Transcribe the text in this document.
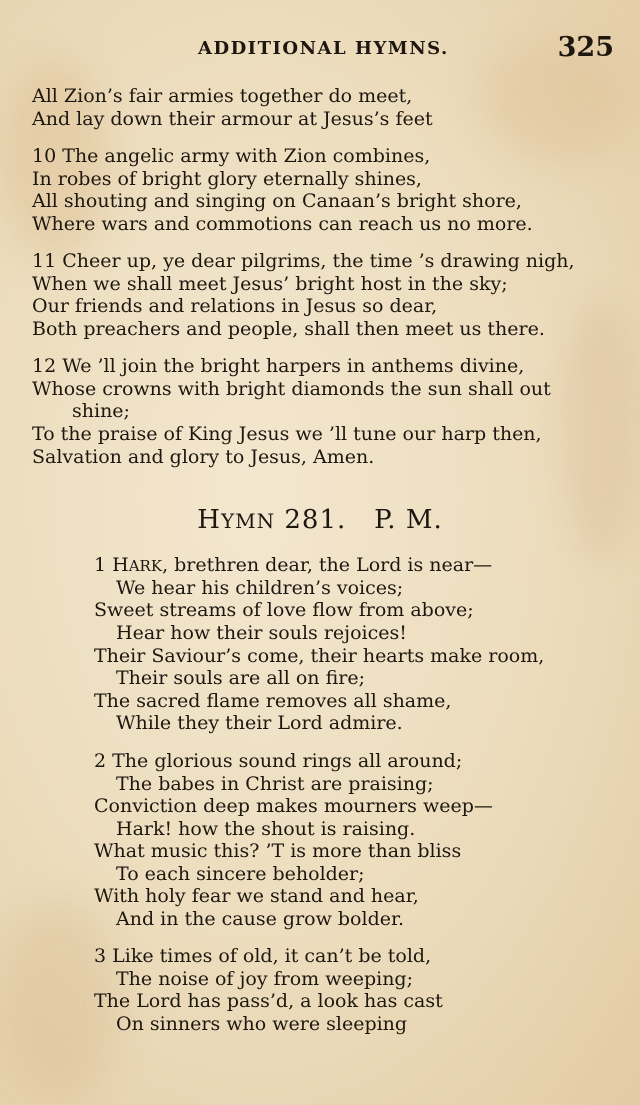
ADDITIONAL HYMNS.	325
All Zion’s fair armies together do meet,
And lay down their armour at Jesus’s feet
10 The angelic army with Zion combines,
In robes of bright glory eternally shines,
All shouting and singing on Canaan’s bright shore,
Where wars and commotions can reach us no more.
11 Cheer up, ye dear pilgrims, the time ’s drawing nigh,
When we shall meet Jesus’ bright host in the sky;
Our friends and relations in Jesus so dear,
Both preachers and people, shall then meet us there.
12 We ’ll join the bright harpers in anthems divine,
Whose crowns with bright diamonds the sun shall out
shine;
To the praise of King Jesus we ’ll tune our harp then,
Salvation and glory to Jesus, Amen.
HYMN 281. P. M.
1 HARK, brethren dear, the Lord is near—
We hear his children’s voices;
Sweet streams of love flow from above;
Hear how their souls rejoices!
Their Saviour’s come, their hearts make room,
Their souls are all on fire;
The sacred flame removes all shame,
While they their Lord admire.
2 The glorious sound rings all around;
The babes in Christ are praising;
Conviction deep makes mourners weep—
Hark! how the shout is raising.
What music this? ’T is more than bliss
To each sincere beholder;
With holy fear we stand and hear,
And in the cause grow bolder.
3 Like times of old, it can’t be told,
The noise of joy from weeping;
The Lord has pass’d, a look has cast
On sinners who were sleeping
